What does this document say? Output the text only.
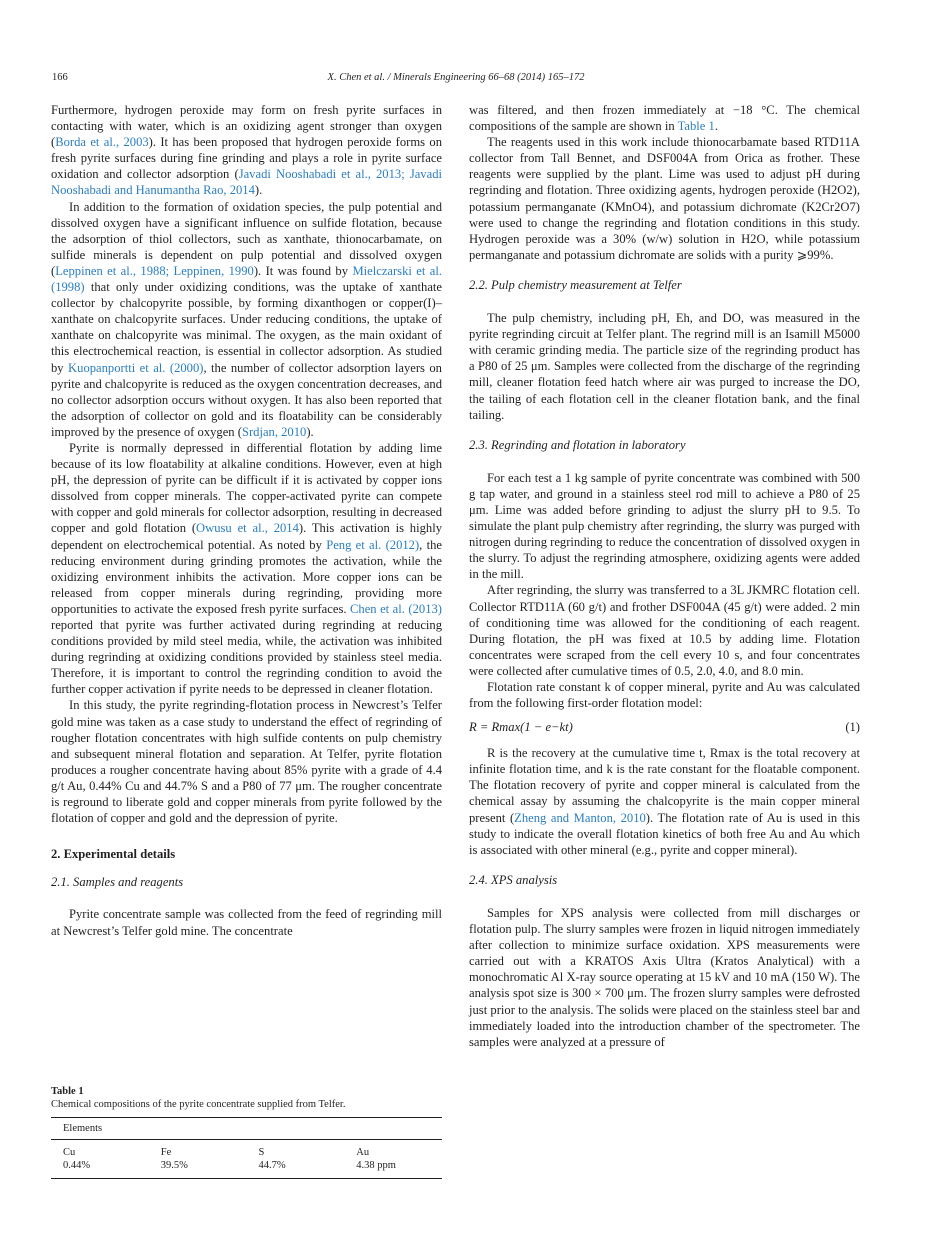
166	X. Chen et al. / Minerals Engineering 66–68 (2014) 165–172

Furthermore, hydrogen peroxide may form on fresh pyrite surfaces in contacting with water, which is an oxidizing agent stronger than oxygen (Borda et al., 2003). It has been proposed that hydrogen peroxide forms on fresh pyrite surfaces during fine grinding and plays a role in pyrite surface oxidation and collector adsorption (Javadi Nooshabadi et al., 2013; Javadi Nooshabadi and Hanumantha Rao, 2014).

In addition to the formation of oxidation species, the pulp potential and dissolved oxygen have a significant influence on sulfide flotation, because the adsorption of thiol collectors, such as xanthate, thionocarbamate, on sulfide minerals is dependent on pulp potential and dissolved oxygen (Leppinen et al., 1988; Leppinen, 1990). It was found by Mielczarski et al. (1998) that only under oxidizing conditions, was the uptake of xanthate collector by chalcopyrite possible, by forming dixanthogen or copper(I)–xanthate on chalcopyrite surfaces. Under reducing conditions, the uptake of xanthate on chalcopyrite was minimal. The oxygen, as the main oxidant of this electrochemical reaction, is essential in collector adsorption. As studied by Kuopanportti et al. (2000), the number of collector adsorption layers on pyrite and chalcopyrite is reduced as the oxygen concentration decreases, and no collector adsorption occurs without oxygen. It has also been reported that the adsorption of collector on gold and its floatability can be considerably improved by the presence of oxygen (Srdjan, 2010).

Pyrite is normally depressed in differential flotation by adding lime because of its low floatability at alkaline conditions. However, even at high pH, the depression of pyrite can be difficult if it is activated by copper ions dissolved from copper minerals. The copper-activated pyrite can compete with copper and gold minerals for collector adsorption, resulting in decreased copper and gold flotation (Owusu et al., 2014). This activation is highly dependent on electrochemical potential. As noted by Peng et al. (2012), the reducing environment during grinding promotes the activation, while the oxidizing environment inhibits the activation. More copper ions can be released from copper minerals during regrinding, providing more opportunities to activate the exposed fresh pyrite surfaces. Chen et al. (2013) reported that pyrite was further activated during regrinding at reducing conditions provided by mild steel media, while, the activation was inhibited during regrinding at oxidizing conditions provided by stainless steel media. Therefore, it is important to control the regrinding condition to avoid the further copper activation if pyrite needs to be depressed in cleaner flotation.

In this study, the pyrite regrinding-flotation process in Newcrest’s Telfer gold mine was taken as a case study to understand the effect of regrinding of rougher flotation concentrates with high sulfide contents on pulp chemistry and subsequent mineral flotation and separation. At Telfer, pyrite flotation produces a rougher concentrate having about 85% pyrite with a grade of 4.4 g/t Au, 0.44% Cu and 44.7% S and a P80 of 77 μm. The rougher concentrate is reground to liberate gold and copper minerals from pyrite followed by the flotation of copper and gold and the depression of pyrite.

2. Experimental details
2.1. Samples and reagents

Pyrite concentrate sample was collected from the feed of regrinding mill at Newcrest’s Telfer gold mine. The concentrate

Table 1
Chemical compositions of the pyrite concentrate supplied from Telfer.
Elements			
Cu	Fe	S	Au
0.44%	39.5%	44.7%	4.38 ppm

was filtered, and then frozen immediately at −18 °C. The chemical compositions of the sample are shown in Table 1.

The reagents used in this work include thionocarbamate based RTD11A collector from Tall Bennet, and DSF004A from Orica as frother. These reagents were supplied by the plant. Lime was used to adjust pH during regrinding and flotation. Three oxidizing agents, hydrogen peroxide (H2O2), potassium permanganate (KMnO4), and potassium dichromate (K2Cr2O7) were used to change the regrinding and flotation conditions in this study. Hydrogen peroxide was a 30% (w/w) solution in H2O, while potassium permanganate and potassium dichromate are solids with a purity ⩾99%.

2.2. Pulp chemistry measurement at Telfer

The pulp chemistry, including pH, Eh, and DO, was measured in the pyrite regrinding circuit at Telfer plant. The regrind mill is an Isamill M5000 with ceramic grinding media. The particle size of the regrinding product has a P80 of 25 μm. Samples were collected from the discharge of the regrinding mill, cleaner flotation feed hatch where air was purged to increase the DO, the tailing of each flotation cell in the cleaner flotation bank, and the final tailing.

2.3. Regrinding and flotation in laboratory

For each test a 1 kg sample of pyrite concentrate was combined with 500 g tap water, and ground in a stainless steel rod mill to achieve a P80 of 25 μm. Lime was added before grinding to adjust the slurry pH to 9.5. To simulate the plant pulp chemistry after regrinding, the slurry was purged with nitrogen during regrinding to reduce the concentration of dissolved oxygen in the slurry. To adjust the regrinding atmosphere, oxidizing agents were added in the mill.

After regrinding, the slurry was transferred to a 3L JKMRC flotation cell. Collector RTD11A (60 g/t) and frother DSF004A (45 g/t) were added. 2 min of conditioning time was allowed for the conditioning of each reagent. During flotation, the pH was fixed at 10.5 by adding lime. Flotation concentrates were scraped from the cell every 10 s, and four concentrates were collected after cumulative times of 0.5, 2.0, 4.0, and 8.0 min.

Flotation rate constant k of copper mineral, pyrite and Au was calculated from the following first-order flotation model:

R = Rmax(1 − e−kt)	(1)

R is the recovery at the cumulative time t, Rmax is the total recovery at infinite flotation time, and k is the rate constant for the floatable component. The flotation recovery of pyrite and copper mineral is calculated from the chemical assay by assuming the chalcopyrite is the main copper mineral present (Zheng and Manton, 2010). The flotation rate of Au is used in this study to indicate the overall flotation kinetics of both free Au and Au which is associated with other mineral (e.g., pyrite and copper mineral).

2.4. XPS analysis

Samples for XPS analysis were collected from mill discharges or flotation pulp. The slurry samples were frozen in liquid nitrogen immediately after collection to minimize surface oxidation. XPS measurements were carried out with a KRATOS Axis Ultra (Kratos Analytical) with a monochromatic Al X-ray source operating at 15 kV and 10 mA (150 W). The analysis spot size is 300 × 700 μm. The frozen slurry samples were defrosted just prior to the analysis. The solids were placed on the stainless steel bar and immediately loaded into the introduction chamber of the spectrometer. The samples were analyzed at a pressure of
